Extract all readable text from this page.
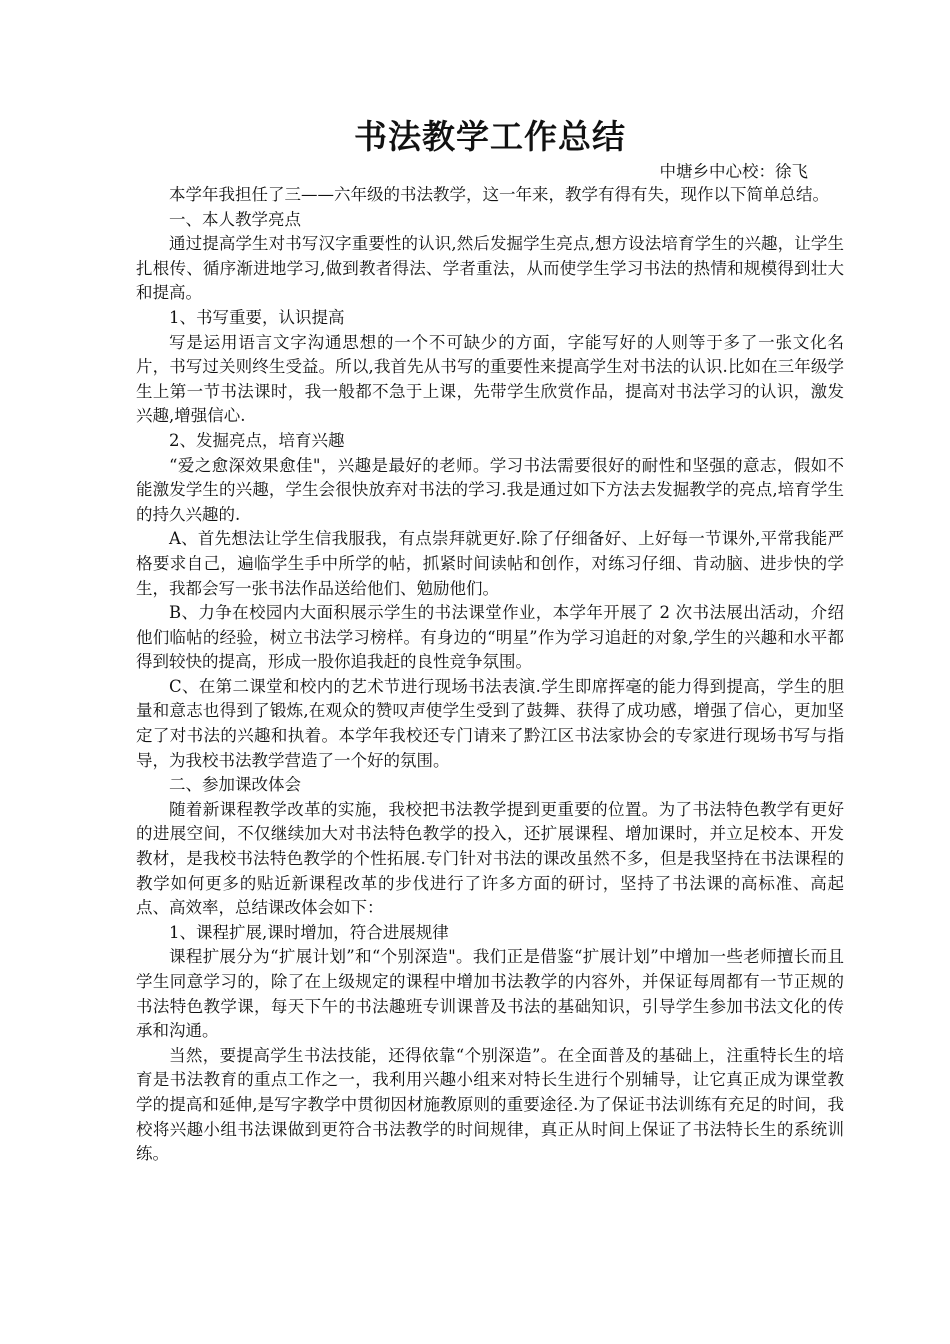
书法教学工作总结
中塘乡中心校：徐飞

本学年我担任了三——六年级的书法教学，这一年来，教学有得有失，现作以下简单总结。

一、本人教学亮点

通过提高学生对书写汉字重要性的认识,然后发掘学生亮点,想方设法培育学生的兴趣，让学生扎根传、循序渐进地学习,做到教者得法、学者重法，从而使学生学习书法的热情和规模得到壮大和提高。

1、书写重要，认识提高

写是运用语言文字沟通思想的一个不可缺少的方面，字能写好的人则等于多了一张文化名片，书写过关则终生受益。所以,我首先从书写的重要性来提高学生对书法的认识.比如在三年级学生上第一节书法课时，我一般都不急于上课，先带学生欣赏作品，提高对书法学习的认识，激发兴趣,增强信心.

2、发掘亮点，培育兴趣

“爱之愈深效果愈佳"，兴趣是最好的老师。学习书法需要很好的耐性和坚强的意志，假如不能激发学生的兴趣，学生会很快放弃对书法的学习.我是通过如下方法去发掘教学的亮点,培育学生的持久兴趣的.

A、首先想法让学生信我服我，有点崇拜就更好.除了仔细备好、上好每一节课外,平常我能严格要求自己，遍临学生手中所学的帖，抓紧时间读帖和创作，对练习仔细、肯动脑、进步快的学生，我都会写一张书法作品送给他们、勉励他们。

B、力争在校园内大面积展示学生的书法课堂作业，本学年开展了 2 次书法展出活动，介绍他们临帖的经验，树立书法学习榜样。有身边的“明星”作为学习追赶的对象,学生的兴趣和水平都得到较快的提高，形成一股你追我赶的良性竞争氛围。

C、在第二课堂和校内的艺术节进行现场书法表演.学生即席挥毫的能力得到提高，学生的胆量和意志也得到了锻炼,在观众的赞叹声使学生受到了鼓舞、获得了成功感，增强了信心，更加坚定了对书法的兴趣和执着。本学年我校还专门请来了黔江区书法家协会的专家进行现场书写与指导，为我校书法教学营造了一个好的氛围。

二、参加课改体会

随着新课程教学改革的实施，我校把书法教学提到更重要的位置。为了书法特色教学有更好的进展空间，不仅继续加大对书法特色教学的投入，还扩展课程、增加课时，并立足校本、开发教材，是我校书法特色教学的个性拓展.专门针对书法的课改虽然不多，但是我坚持在书法课程的教学如何更多的贴近新课程改革的步伐进行了许多方面的研讨，坚持了书法课的高标准、高起点、高效率，总结课改体会如下：

1、课程扩展,课时增加，符合进展规律

课程扩展分为“扩展计划”和“个别深造"。我们正是借鉴“扩展计划”中增加一些老师擅长而且学生同意学习的，除了在上级规定的课程中增加书法教学的内容外，并保证每周都有一节正规的书法特色教学课，每天下午的书法趣班专训课普及书法的基础知识，引导学生参加书法文化的传承和沟通。

当然，要提高学生书法技能，还得依靠“个别深造”。在全面普及的基础上，注重特长生的培育是书法教育的重点工作之一，我利用兴趣小组来对特长生进行个别辅导，让它真正成为课堂教学的提高和延伸,是写字教学中贯彻因材施教原则的重要途径.为了保证书法训练有充足的时间，我校将兴趣小组书法课做到更符合书法教学的时间规律，真正从时间上保证了书法特长生的系统训练。
